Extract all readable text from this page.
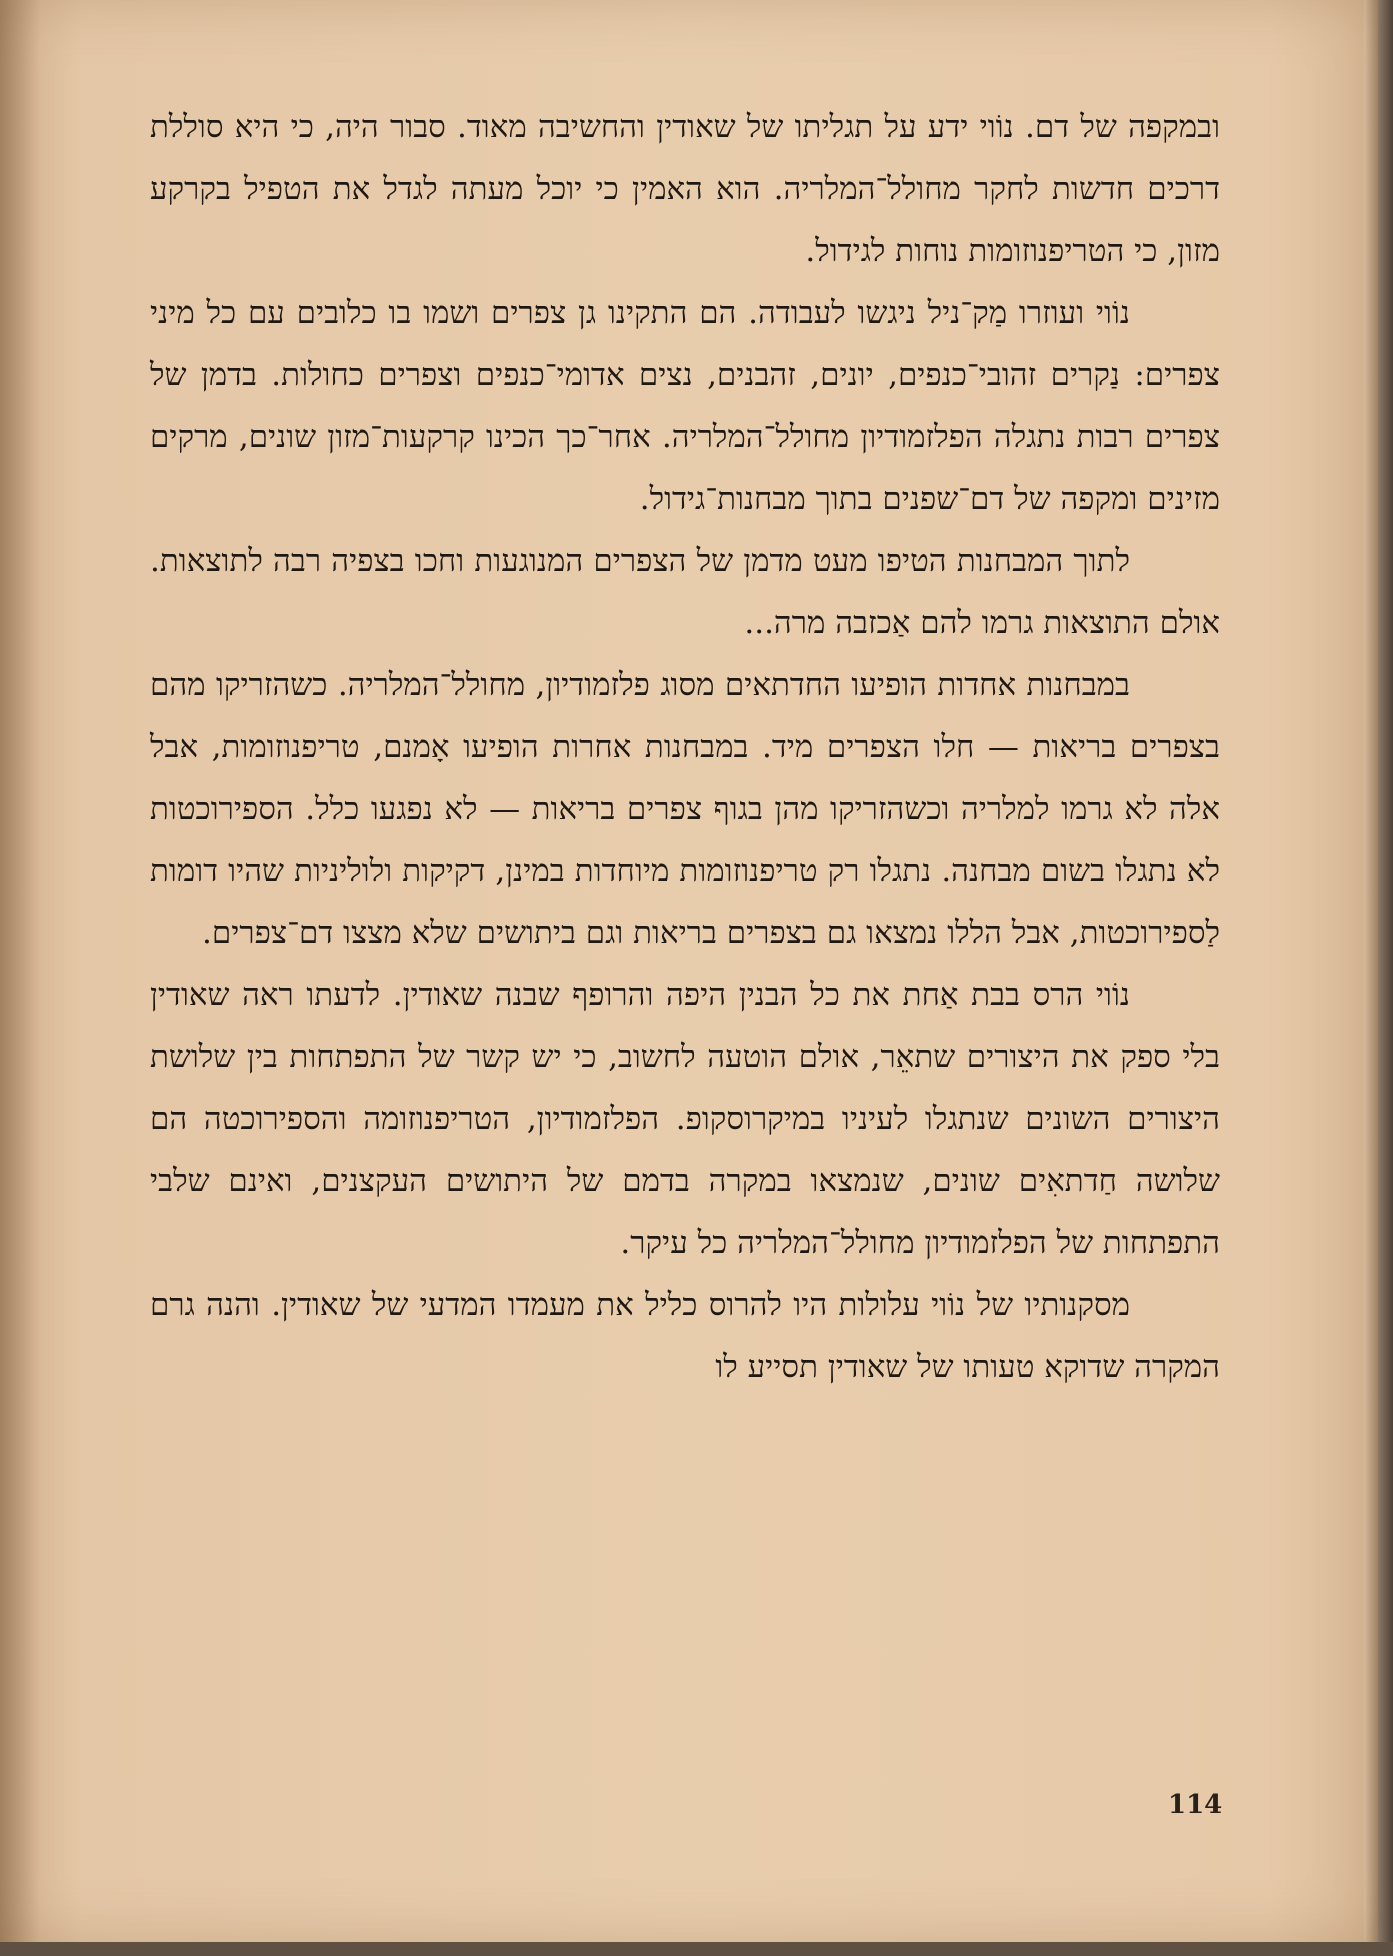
ובמקפה של דם. נוֹוי ידע על תגליתו של שאודין והחשיבה מאוד. סבור היה, כי היא סוללת דרכים חדשות לחקר מחולל־המלריה. הוא האמין כי יוכל מעתה לגדל את הטפיל בקרקע מזון, כי הטריפנוזומות נוחות לגידול.

נוֹוי ועוזרו מַק־ניל ניגשו לעבודה. הם התקינו גן צפרים ושמו בו כלובים עם כל מיני צפרים: נַקרים זהובי־כנפים, יונים, זהבנים, נצים אדומי־כנפים וצפרים כחולות. בדמן של צפרים רבות נתגלה הפלזמודיון מחולל־המלריה. אחר־כך הכינו קרקעות־מזון שונים, מרקים מזינים ומקפה של דם־שפנים בתוך מבחנות־גידול.

לתוך המבחנות הטיפו מעט מדמן של הצפרים המנוגעות וחכו בצפיה רבה לתוצאות. אולם התוצאות גרמו להם אַכזבה מרה...

במבחנות אחדות הופיעו החדתאים מסוג פלזמודיון, מחולל־המלריה. כשהזריקו מהם בצפרים בריאות — חלו הצפרים מיד. במבחנות אחרות הופיעו אָמנם, טריפנוזומות, אבל אלה לא גרמו למלריה וכשהזריקו מהן בגוף צפרים בריאות — לא נפגעו כלל. הספירוכטות לא נתגלו בשום מבחנה. נתגלו רק טריפנוזומות מיוחדות במינן, דקיקות ולוליניות שהיו דומות לַספירוכטות, אבל הללו נמצאו גם בצפרים בריאות וגם ביתושים שלא מצצו דם־צפרים.

נוֹוי הרס בבת אַחת את כל הבנין היפה והרופף שבנה שאודין. לדעתו ראה שאודין בלי ספק את היצורים שתאֵר, אולם הוטעה לחשוב, כי יש קשר של התפתחות בין שלושת היצורים השונים שנתגלו לעיניו במיקרוסקופ. הפלזמודיון, הטריפנוזומה והספירוכטה הם שלושה חַדתאִים שונים, שנמצאו במקרה בדמם של היתושים העקצנים, ואינם שלבי התפתחות של הפלזמודיון מחולל־המלריה כל עיקר.

מסקנותיו של נוֹוי עלולות היו להרוס כליל את מעמדו המדעי של שאודין. והנה גרם המקרה שדוקא טעותו של שאודין תסייע לו

114
